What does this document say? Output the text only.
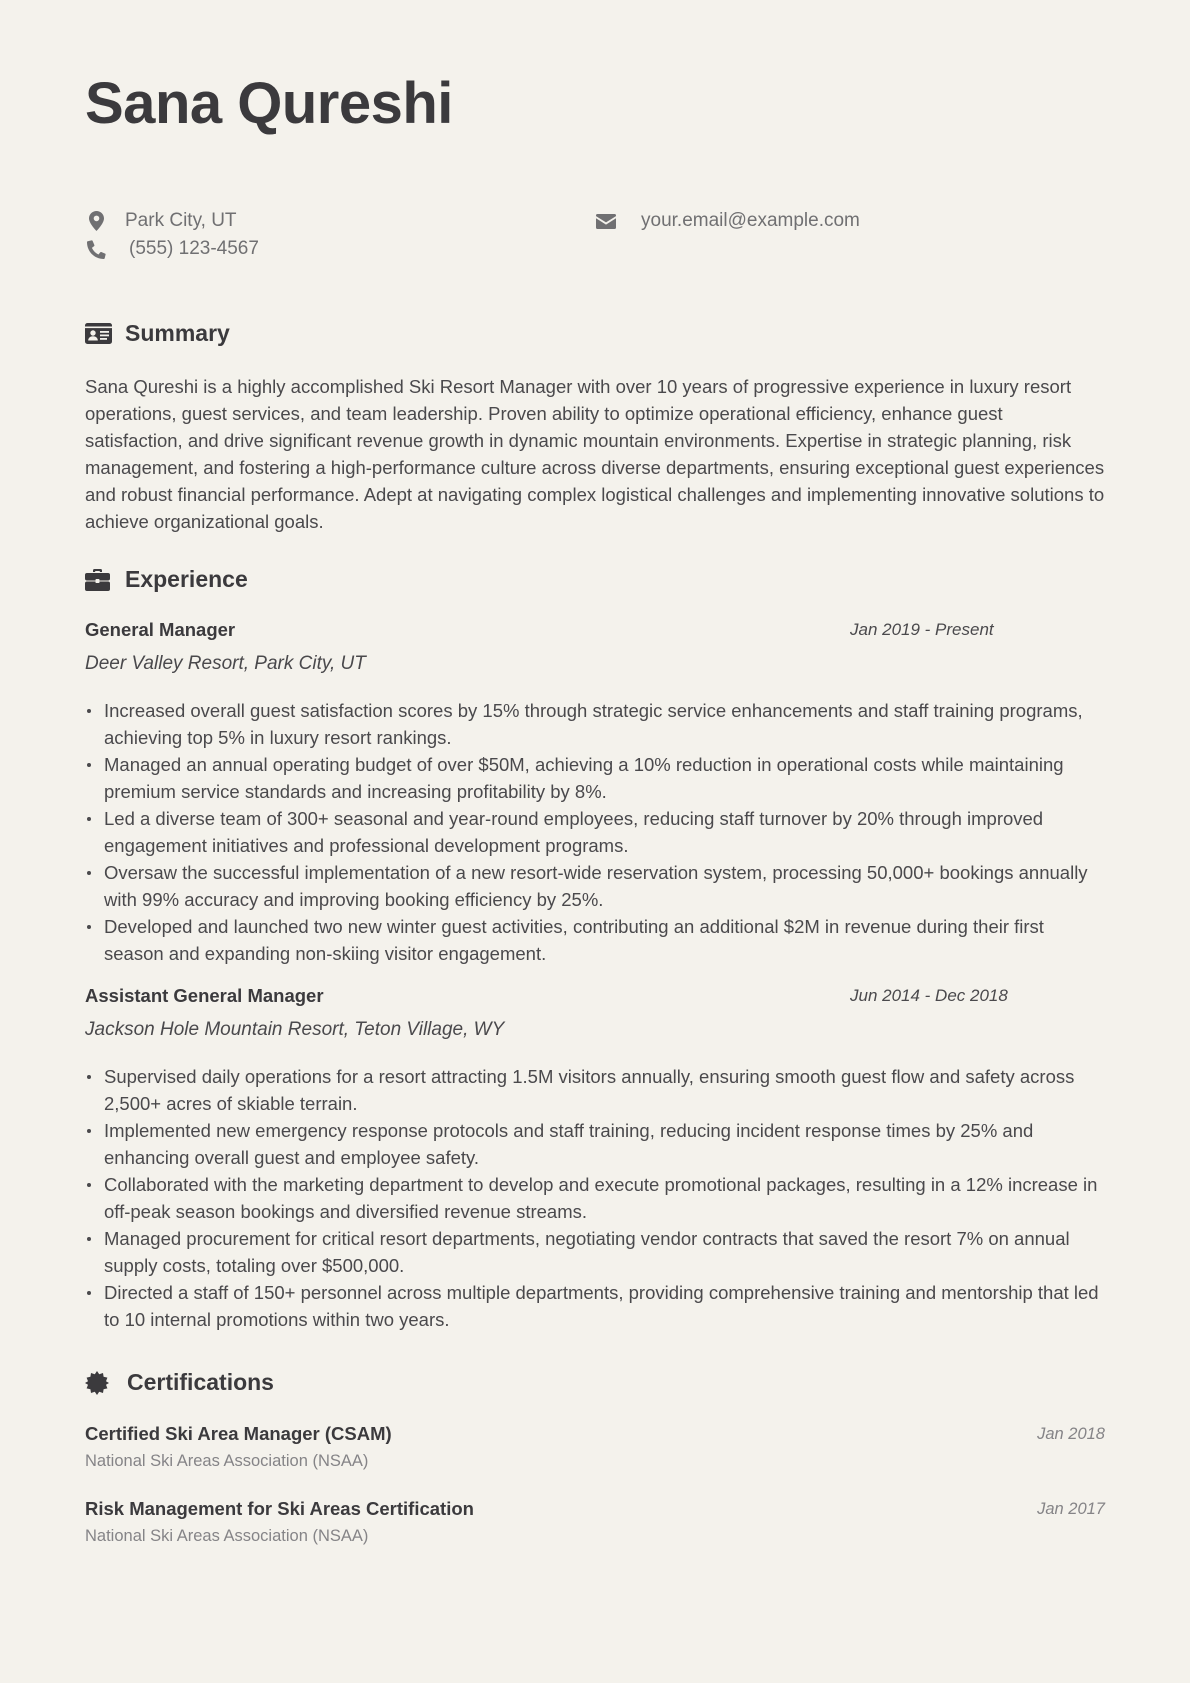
Sana Qureshi
Park City, UT
(555) 123-4567
your.email@example.com
Summary
Sana Qureshi is a highly accomplished Ski Resort Manager with over 10 years of progressive experience in luxury resort operations, guest services, and team leadership. Proven ability to optimize operational efficiency, enhance guest satisfaction, and drive significant revenue growth in dynamic mountain environments. Expertise in strategic planning, risk management, and fostering a high-performance culture across diverse departments, ensuring exceptional guest experiences and robust financial performance. Adept at navigating complex logistical challenges and implementing innovative solutions to achieve organizational goals.
Experience
General Manager	Jan 2019 - Present
Deer Valley Resort, Park City, UT
Increased overall guest satisfaction scores by 15% through strategic service enhancements and staff training programs, achieving top 5% in luxury resort rankings.
Managed an annual operating budget of over $50M, achieving a 10% reduction in operational costs while maintaining premium service standards and increasing profitability by 8%.
Led a diverse team of 300+ seasonal and year-round employees, reducing staff turnover by 20% through improved engagement initiatives and professional development programs.
Oversaw the successful implementation of a new resort-wide reservation system, processing 50,000+ bookings annually with 99% accuracy and improving booking efficiency by 25%.
Developed and launched two new winter guest activities, contributing an additional $2M in revenue during their first season and expanding non-skiing visitor engagement.
Assistant General Manager	Jun 2014 - Dec 2018
Jackson Hole Mountain Resort, Teton Village, WY
Supervised daily operations for a resort attracting 1.5M visitors annually, ensuring smooth guest flow and safety across 2,500+ acres of skiable terrain.
Implemented new emergency response protocols and staff training, reducing incident response times by 25% and enhancing overall guest and employee safety.
Collaborated with the marketing department to develop and execute promotional packages, resulting in a 12% increase in off-peak season bookings and diversified revenue streams.
Managed procurement for critical resort departments, negotiating vendor contracts that saved the resort 7% on annual supply costs, totaling over $500,000.
Directed a staff of 150+ personnel across multiple departments, providing comprehensive training and mentorship that led to 10 internal promotions within two years.
Certifications
Certified Ski Area Manager (CSAM)
National Ski Areas Association (NSAA)
Jan 2018
Risk Management for Ski Areas Certification
National Ski Areas Association (NSAA)
Jan 2017
